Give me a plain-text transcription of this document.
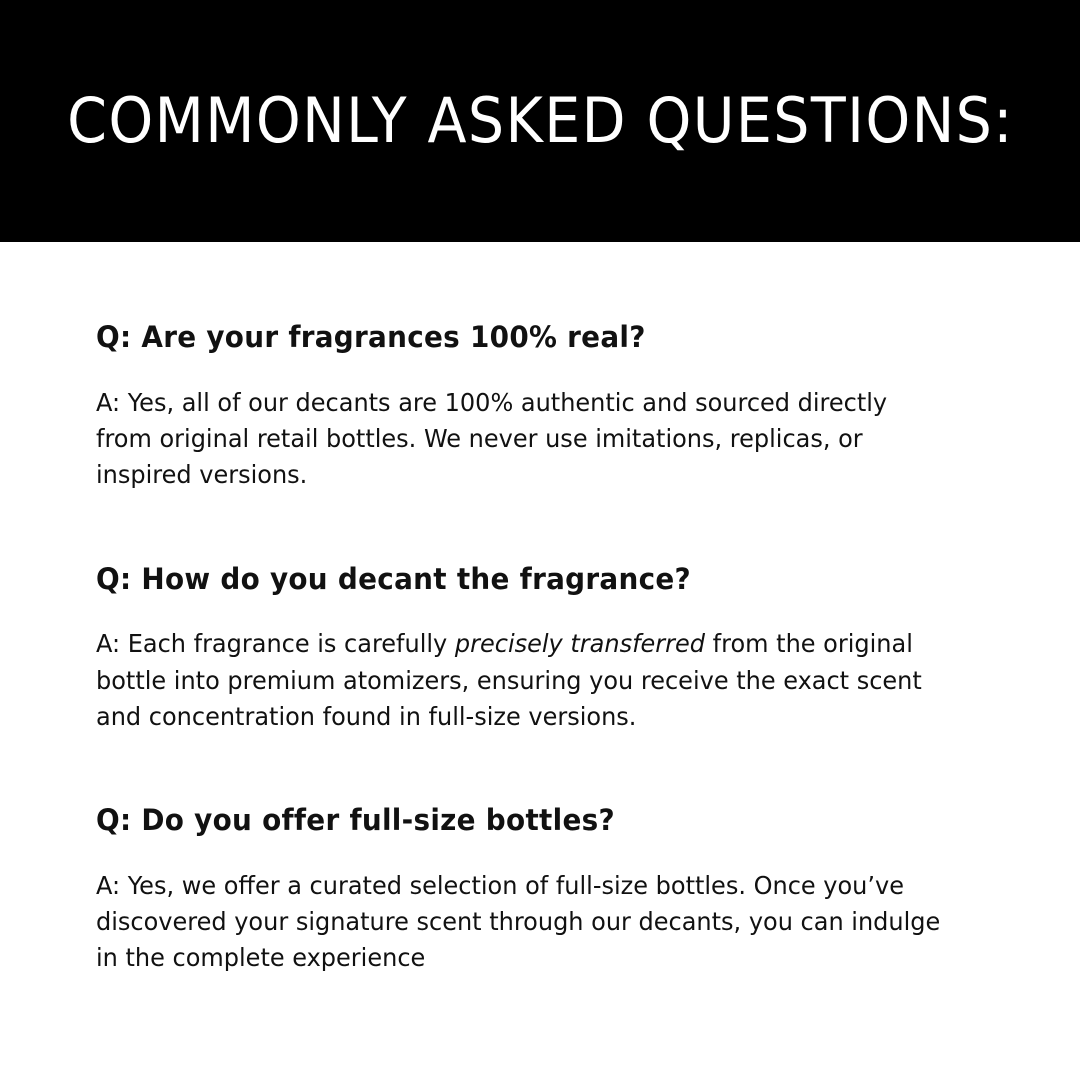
COMMONLY ASKED QUESTIONS:

Q: Are your fragrances 100% real?

A: Yes, all of our decants are 100% authentic and sourced directly from original retail bottles. We never use imitations, replicas, or inspired versions.

Q: How do you decant the fragrance?

A: Each fragrance is carefully precisely transferred from the original bottle into premium atomizers, ensuring you receive the exact scent and concentration found in full-size versions.

Q: Do you offer full-size bottles?

A: Yes, we offer a curated selection of full-size bottles. Once you’ve discovered your signature scent through our decants, you can indulge in the complete experience
